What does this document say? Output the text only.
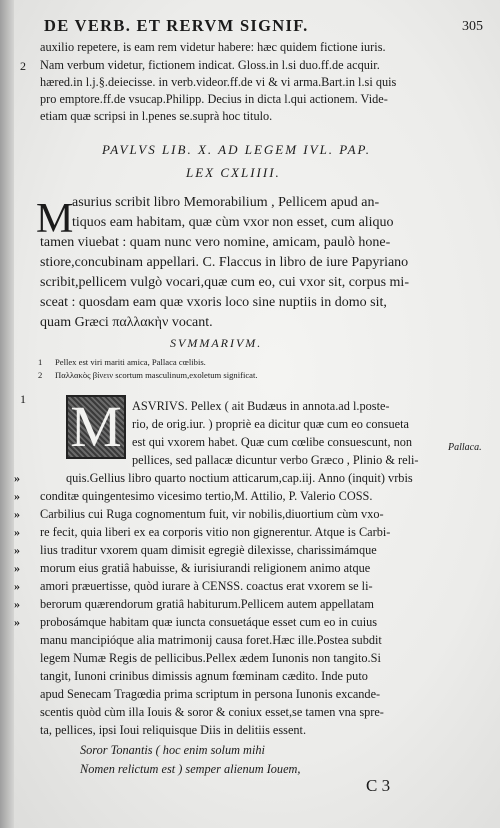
DE VERB. ET RERVM SIGNIF.	305
auxilio repetere, is eam rem videtur habere: hæc quidem fictione iuris.
Nam verbum videtur, fictionem indicat. Gloss.in l.si duo.ff.de acquir.
hæred.in l.j.§.deiecisse. in verb.videor.ff.de vi & vi arma.Bart.in l.si quis
pro emptore.ff.de vsucap.Philipp. Decius in dicta l.qui actionem. Vide-
etiam quæ scripsi in l.penes se.suprà hoc titulo.
2
PAVLVS LIB. X. AD LEGEM IVL. PAP.
LEX CXLIIII.
M
asurius scribit libro Memorabilium , Pellicem apud an-
tiquos eam habitam, quæ cùm vxor non esset, cum aliquo
tamen viuebat : quam nunc vero nomine, amicam, paulò hone-
stiore,concubinam appellari. C. Flaccus in libro de iure Papyriano
scribit,pellicem vulgò vocari,quæ cum eo, cui vxor sit, corpus mi-
sceat : quosdam eam quæ vxoris loco sine nuptiis in domo sit,
quam Græci παλλακὴν vocant.
SVMMARIVM.
1 Pellex est viri mariti amica, Pallaca cœlibis.
2 Παλλακὸς βίνειν scortum masculinum,exoletum significat.
1 M ASVRIVS. Pellex ( ait Budæus in annota.ad l.poste-
rio, de orig.iur. ) propriè ea dicitur quæ cum eo consueta
est qui vxorem habet. Quæ cum cœlibe consuescunt, non
pellices, sed pallacæ dicuntur verbo Græco , Plinio & reli-
quis.Gellius libro quarto noctium atticarum,cap.iij. Anno (inquit) vrbis
conditæ quingentesimo vicesimo tertio,M. Attilio, P. Valerio COSS.
Carbilius cui Ruga cognomentum fuit, vir nobilis,diuortium cùm vxo-
re fecit, quia liberi ex ea corporis vitio non gignerentur. Atque is Carbi-
lius traditur vxorem quam dimisit egregiè dilexisse, charissimámque
morum eius gratiâ habuisse, & iurisiurandi religionem animo atque
amori præuertisse, quòd iurare à CENSS. coactus erat vxorem se li-
berorum quærendorum gratiâ habiturum.Pellicem autem appellatam
probosámque habitam quæ iuncta consuetáque esset cum eo in cuius
manu mancipióque alia matrimonij causa foret.Hæc ille.Postea subdit
legem Numæ Regis de pellicibus.Pellex ædem Iunonis non tangito.Si
tangit, Iunoni crinibus dimissis agnum fœminam cædito. Inde puto
apud Senecam Tragœdia prima scriptum in persona Iunonis excande-
scentis quòd cùm illa Iouis & soror & coniux esset,se tamen vna spre-
ta, pellices, ipsi Ioui reliquisque Diis in delitiis essent.
Pallaca.
»
»
»
»
»
»
»
»
»
Soror Tonantis ( hoc enim solum mihi
Nomen relictum est ) semper alienum Iouem,
C 3
